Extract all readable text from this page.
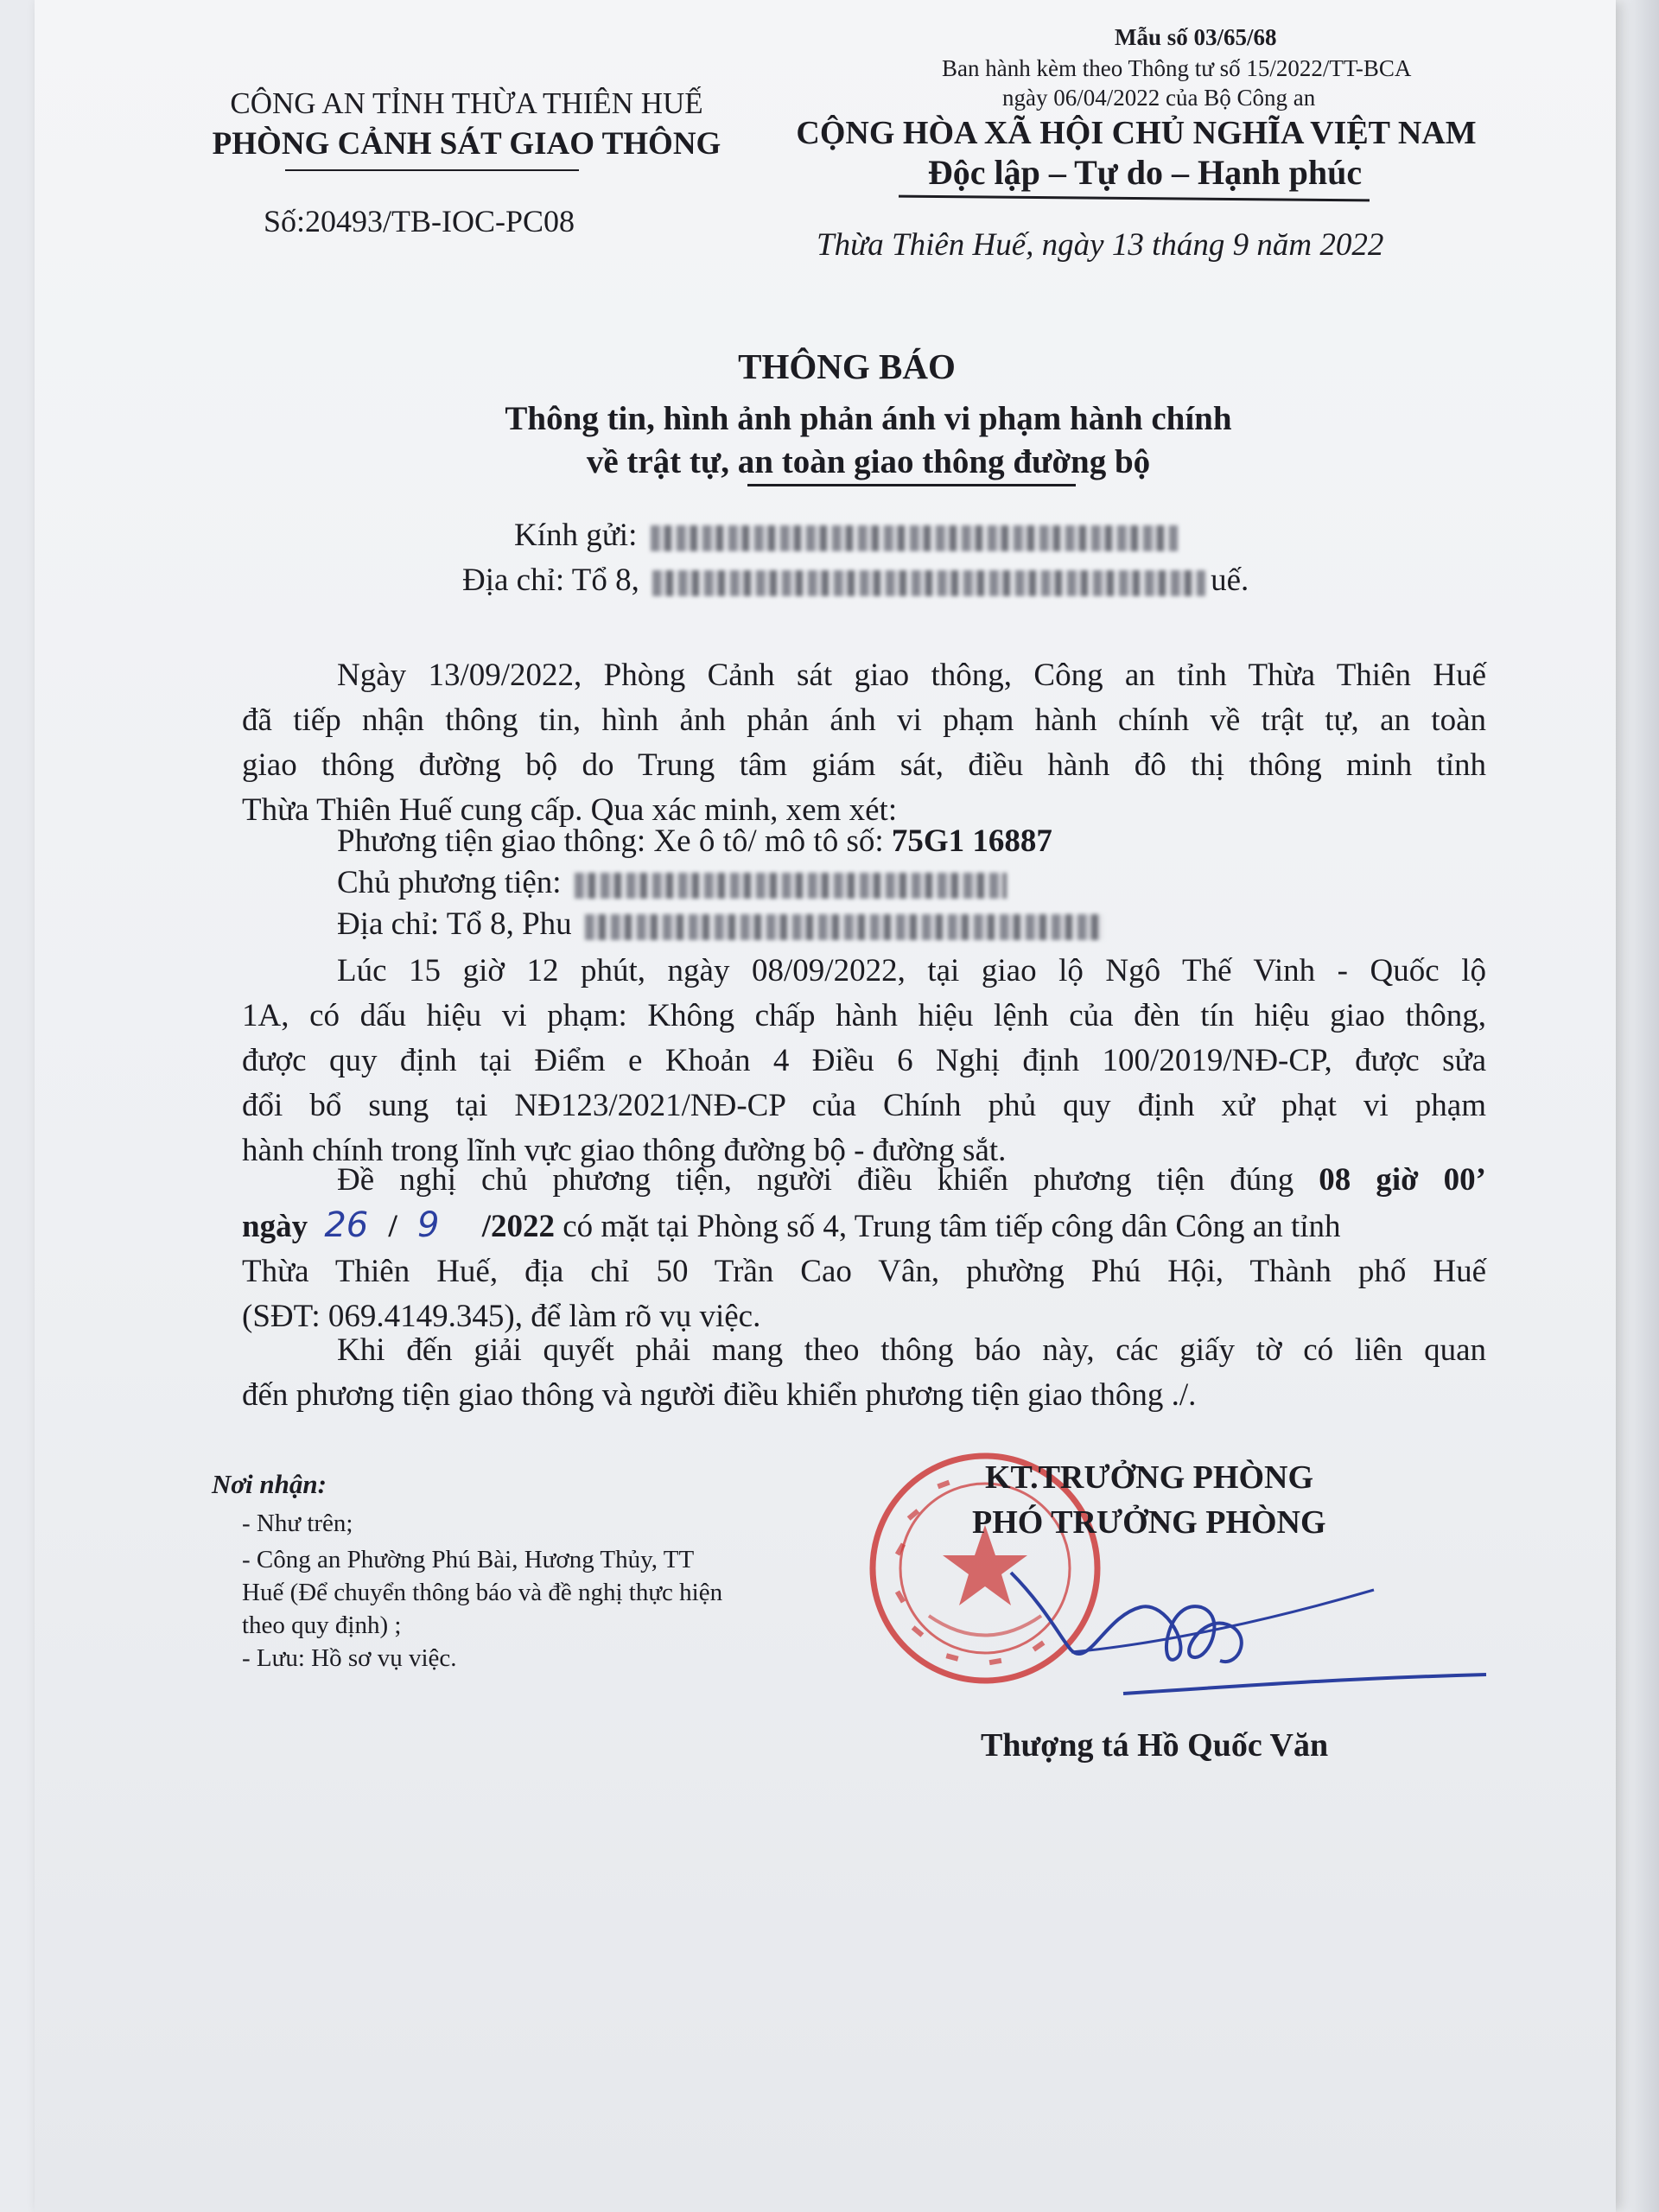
CÔNG AN TỈNH THỪA THIÊN HUẾ
PHÒNG CẢNH SÁT GIAO THÔNG
Số:20493/TB-IOC-PC08
Mẫu số 03/65/68
Ban hành kèm theo Thông tư số 15/2022/TT-BCA
ngày 06/04/2022 của Bộ Công an
CỘNG HÒA XÃ HỘI CHỦ NGHĨA VIỆT NAM
Độc lập – Tự do – Hạnh phúc
Thừa Thiên Huế, ngày 13 tháng 9 năm 2022
THÔNG BÁO
Thông tin, hình ảnh phản ánh vi phạm hành chính
về trật tự, an toàn giao thông đường bộ
Kính gửi:
Địa chỉ: Tổ 8,	uế.
Ngày 13/09/2022, Phòng Cảnh sát giao thông, Công an tỉnh Thừa Thiên Huế
đã tiếp nhận thông tin, hình ảnh phản ánh vi phạm hành chính về trật tự, an toàn
giao thông đường bộ do Trung tâm giám sát, điều hành đô thị thông minh tỉnh
Thừa Thiên Huế cung cấp. Qua xác minh, xem xét:
Phương tiện giao thông: Xe ô tô/ mô tô số: 75G1 16887
Chủ phương tiện:
Địa chỉ: Tổ 8, Phu
Lúc 15 giờ 12 phút, ngày 08/09/2022, tại giao lộ Ngô Thế Vinh - Quốc lộ
1A, có dấu hiệu vi phạm: Không chấp hành hiệu lệnh của đèn tín hiệu giao thông,
được quy định tại Điểm e Khoản 4 Điều 6 Nghị định 100/2019/NĐ-CP, được sửa
đổi bổ sung tại NĐ123/2021/NĐ-CP của Chính phủ quy định xử phạt vi phạm
hành chính trong lĩnh vực giao thông đường bộ - đường sắt.
Đề nghị chủ phương tiện, người điều khiển phương tiện đúng 08 giờ 00’
ngày 26 / 9 /2022 có mặt tại Phòng số 4, Trung tâm tiếp công dân Công an tỉnh
Thừa Thiên Huế, địa chỉ 50 Trần Cao Vân, phường Phú Hội, Thành phố Huế
(SĐT: 069.4149.345), để làm rõ vụ việc.
Khi đến giải quyết phải mang theo thông báo này, các giấy tờ có liên quan
đến phương tiện giao thông và người điều khiển phương tiện giao thông ./.
Nơi nhận:
- Như trên;
- Công an Phường Phú Bài, Hương Thủy, TT
Huế (Để chuyển thông báo và đề nghị thực hiện
theo quy định) ;
- Lưu: Hồ sơ vụ việc.
KT.TRƯỞNG PHÒNG
PHÓ TRƯỞNG PHÒNG
Thượng tá Hồ Quốc Văn
